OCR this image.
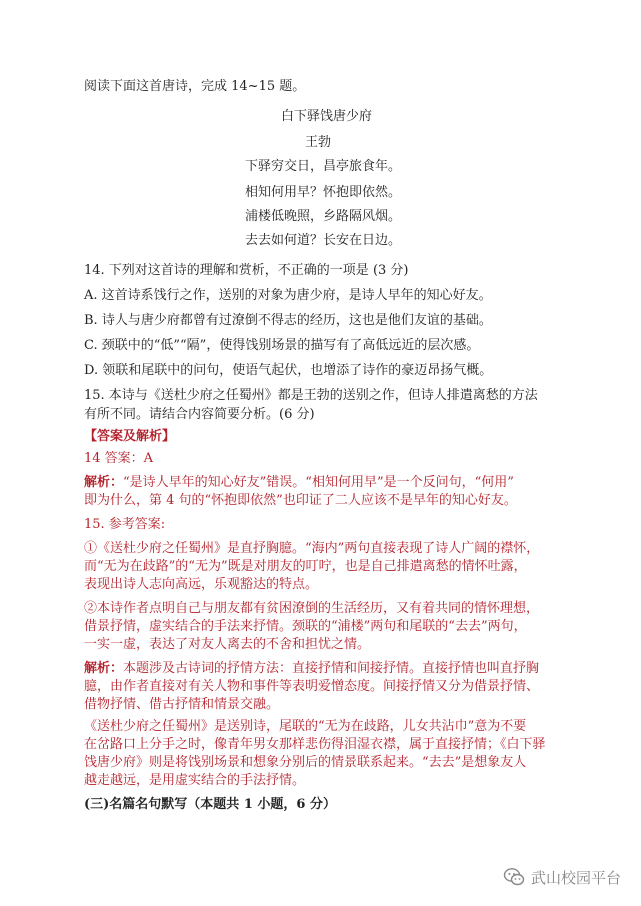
阅读下面这首唐诗，完成 14~15 题。
白下驿饯唐少府
王勃
下驿穷交日，昌亭旅食年。
相知何用早？怀抱即依然。
浦楼低晚照，乡路隔风烟。
去去如何道？长安在日边。
14. 下列对这首诗的理解和赏析，不正确的一项是 (3 分)
A. 这首诗系饯行之作，送别的对象为唐少府，是诗人早年的知心好友。
B. 诗人与唐少府都曾有过潦倒不得志的经历，这也是他们友谊的基础。
C. 颈联中的“低”“隔”，使得饯别场景的描写有了高低远近的层次感。
D. 领联和尾联中的问句，使语气起伏，也增添了诗作的豪迈昂扬气概。
15. 本诗与《送杜少府之任蜀州》都是王勃的送别之作，但诗人排遣离愁的方法
有所不同。请结合内容简要分析。(6 分)
【答案及解析】
14 答案：A
解析：“是诗人早年的知心好友”错误。“相知何用早”是一个反问句，“何用”
即为什么，第 4 句的“怀抱即依然”也印证了二人应该不是早年的知心好友。
15. 参考答案:
①《送杜少府之任蜀州》是直抒胸臆。“海内”两句直接表现了诗人广阔的襟怀，
而“无为在歧路”的“无为”既是对朋友的叮咛，也是自己排遣离愁的情怀吐露，
表现出诗人志向高远，乐观豁达的特点。
②本诗作者点明自己与朋友都有贫困潦倒的生活经历，又有着共同的情怀理想，
借景抒情，虚实结合的手法来抒情。颈联的“浦楼”两句和尾联的“去去”两句，
一实一虚，表达了对友人离去的不舍和担忧之情。
解析：本题涉及古诗词的抒情方法：直接抒情和间接抒情。直接抒情也叫直抒胸
臆，由作者直接对有关人物和事件等表明爱憎态度。间接抒情又分为借景抒情、
借物抒情、借古抒情和情景交融。
《送杜少府之任蜀州》是送别诗，尾联的“无为在歧路，儿女共沾巾”意为不要
在岔路口上分手之时，像青年男女那样悲伤得泪湿衣襟，属于直接抒情；《白下驿
饯唐少府》则是将饯别场景和想象分别后的情景联系起来。“去去”是想象友人
越走越远，是用虚实结合的手法抒情。
(三)名篇名句默写（本题共 1 小题，6 分）
武山校园平台
